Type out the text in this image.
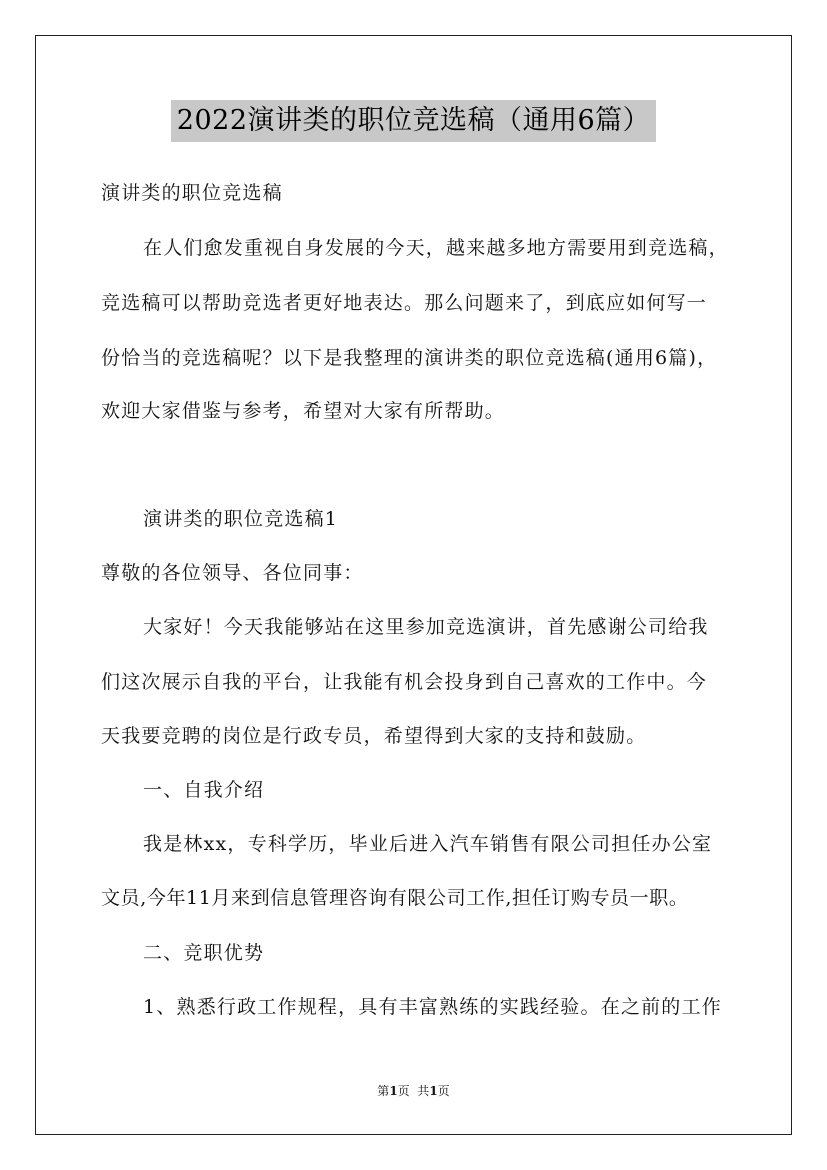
2022演讲类的职位竞选稿（通用6篇）
演讲类的职位竞选稿
在人们愈发重视自身发展的今天，越来越多地方需要用到竞选稿，
竞选稿可以帮助竞选者更好地表达。那么问题来了，到底应如何写一
份恰当的竞选稿呢？以下是我整理的演讲类的职位竞选稿(通用6篇)，
欢迎大家借鉴与参考，希望对大家有所帮助。
演讲类的职位竞选稿1
尊敬的各位领导、各位同事：
大家好！今天我能够站在这里参加竞选演讲，首先感谢公司给我
们这次展示自我的平台，让我能有机会投身到自己喜欢的工作中。今
天我要竞聘的岗位是行政专员，希望得到大家的支持和鼓励。
一、自我介绍
我是林xx，专科学历，毕业后进入汽车销售有限公司担任办公室
文员,今年11月来到信息管理咨询有限公司工作,担任订购专员一职。
二、竞职优势
1、熟悉行政工作规程，具有丰富熟练的实践经验。在之前的工作
第1页  共1页
